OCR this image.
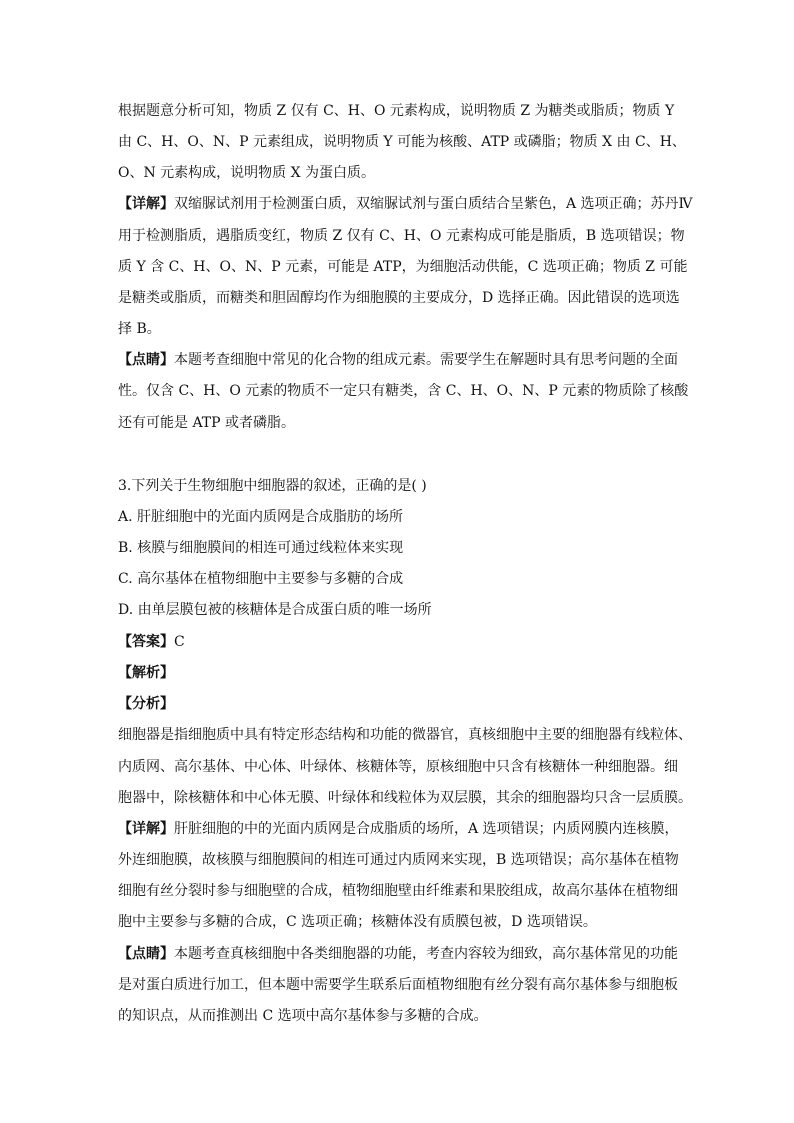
根据题意分析可知，物质 Z 仅有 C、H、O 元素构成，说明物质 Z 为糖类或脂质；物质 Y
由 C、H、O、N、P 元素组成，说明物质 Y 可能为核酸、ATP 或磷脂；物质 X 由 C、H、
O、N 元素构成，说明物质 X 为蛋白质。
【详解】双缩脲试剂用于检测蛋白质，双缩脲试剂与蛋白质结合呈紫色，A 选项正确；苏丹Ⅳ
用于检测脂质，遇脂质变红，物质 Z 仅有 C、H、O 元素构成可能是脂质，B 选项错误；物
质 Y 含 C、H、O、N、P 元素，可能是 ATP，为细胞活动供能，C 选项正确；物质 Z 可能
是糖类或脂质，而糖类和胆固醇均作为细胞膜的主要成分，D 选择正确。因此错误的选项选
择 B。
【点睛】本题考查细胞中常见的化合物的组成元素。需要学生在解题时具有思考问题的全面
性。仅含 C、H、O 元素的物质不一定只有糖类，含 C、H、O、N、P 元素的物质除了核酸
还有可能是 ATP 或者磷脂。
3.下列关于生物细胞中细胞器的叙述，正确的是( )
A. 肝脏细胞中的光面内质网是合成脂肪的场所
B. 核膜与细胞膜间的相连可通过线粒体来实现
C. 高尔基体在植物细胞中主要参与多糖的合成
D. 由单层膜包被的核糖体是合成蛋白质的唯一场所
【答案】C
【解析】
【分析】
细胞器是指细胞质中具有特定形态结构和功能的微器官，真核细胞中主要的细胞器有线粒体、
内质网、高尔基体、中心体、叶绿体、核糖体等，原核细胞中只含有核糖体一种细胞器。细
胞器中，除核糖体和中心体无膜、叶绿体和线粒体为双层膜，其余的细胞器均只含一层质膜。
【详解】肝脏细胞的中的光面内质网是合成脂质的场所，A 选项错误；内质网膜内连核膜，
外连细胞膜，故核膜与细胞膜间的相连可通过内质网来实现，B 选项错误；高尔基体在植物
细胞有丝分裂时参与细胞壁的合成，植物细胞壁由纤维素和果胶组成，故高尔基体在植物细
胞中主要参与多糖的合成，C 选项正确；核糖体没有质膜包被，D 选项错误。
【点睛】本题考查真核细胞中各类细胞器的功能，考查内容较为细致，高尔基体常见的功能
是对蛋白质进行加工，但本题中需要学生联系后面植物细胞有丝分裂有高尔基体参与细胞板
的知识点，从而推测出 C 选项中高尔基体参与多糖的合成。
